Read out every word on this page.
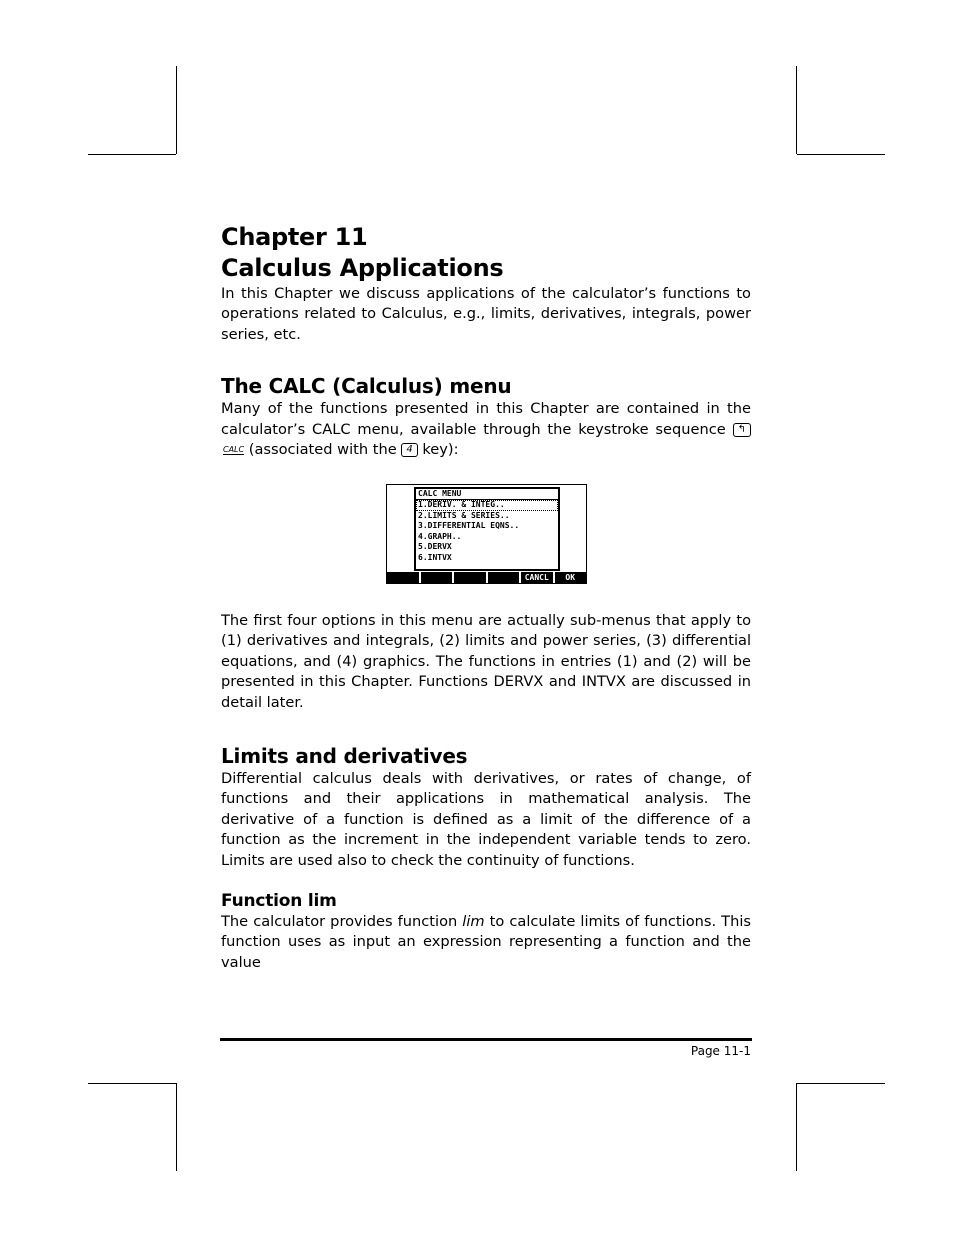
Chapter 11
Calculus Applications

In this Chapter we discuss applications of the calculator’s functions to operations related to Calculus, e.g., limits, derivatives, integrals, power series, etc.

The CALC (Calculus) menu

Many of the functions presented in this Chapter are contained in the calculator’s CALC menu, available through the keystroke sequence ↰CALC (associated with the 4 key):

CALC MENU
1.DERIV. & INTEG..
2.LIMITS & SERIES..
3.DIFFERENTIAL EQNS..
4.GRAPH..
5.DERVX
6.INTVX
CANCL	OK

The first four options in this menu are actually sub-menus that apply to (1) derivatives and integrals, (2) limits and power series, (3) differential equations, and (4) graphics. The functions in entries (1) and (2) will be presented in this Chapter. Functions DERVX and INTVX are discussed in detail later.

Limits and derivatives

Differential calculus deals with derivatives, or rates of change, of functions and their applications in mathematical analysis. The derivative of a function is defined as a limit of the difference of a function as the increment in the independent variable tends to zero. Limits are used also to check the continuity of functions.

Function lim

The calculator provides function lim to calculate limits of functions. This function uses as input an expression representing a function and the value

Page 11-1
